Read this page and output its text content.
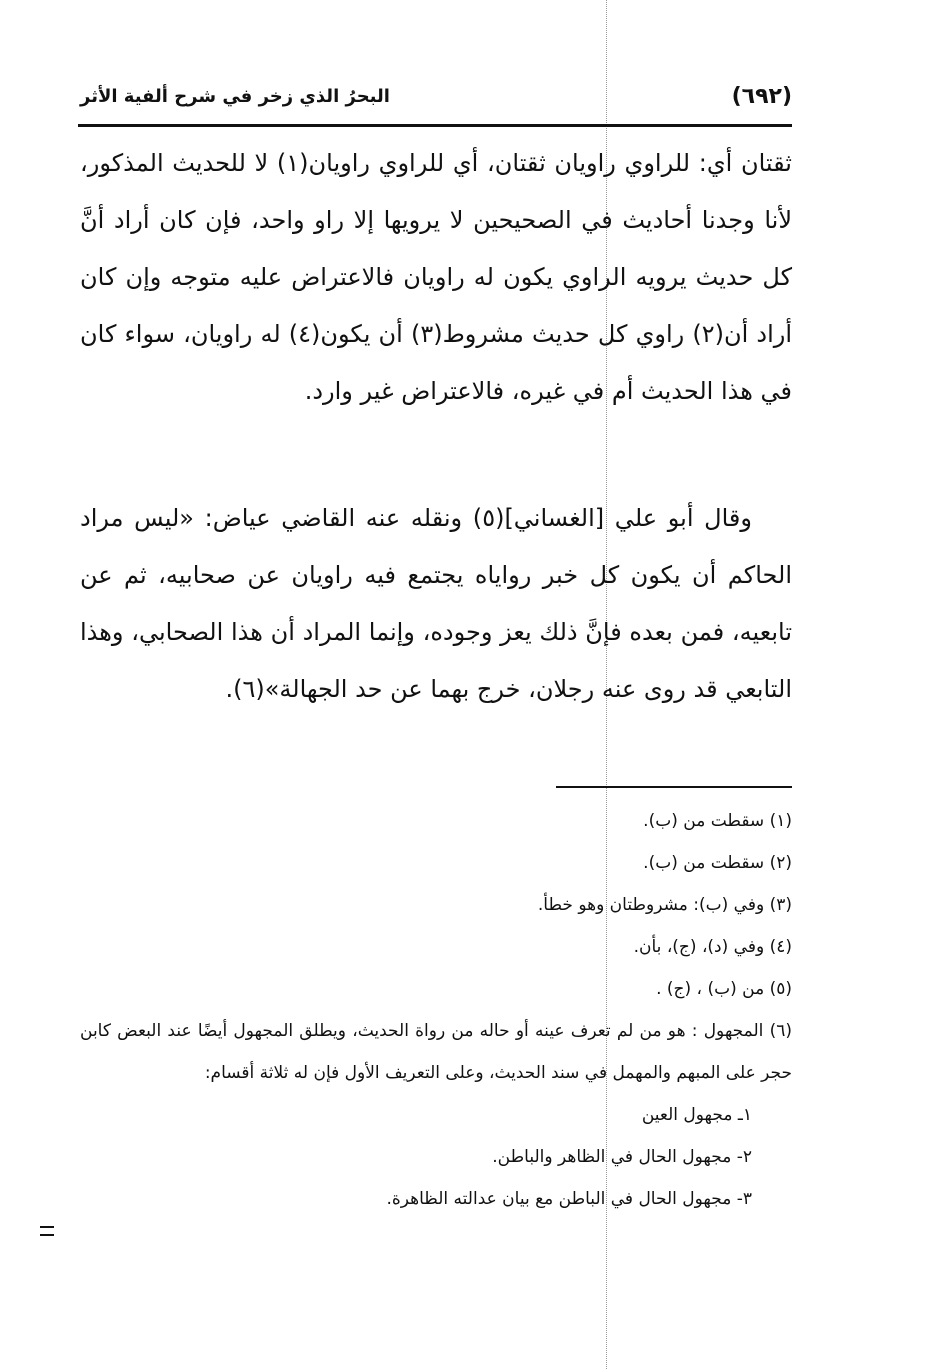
(٦٩٢)
البحرُ الذي زخر في شرح ألفية الأثر
ثقتان أي: للراوي راويان ثقتان، أي للراوي راويان(١) لا للحديث المذكور، لأنا وجدنا أحاديث في الصحيحين لا يرويها إلا راو واحد، فإن كان أراد أنَّ كل حديث يرويه الراوي يكون له راويان فالاعتراض عليه متوجه وإن كان أراد أن(٢) راوي كل حديث مشروط(٣) أن يكون(٤) له راويان، سواء كان في هذا الحديث أم في غيره، فالاعتراض غير وارد.
وقال أبو علي [الغساني](٥) ونقله عنه القاضي عياض: «ليس مراد الحاكم أن يكون كل خبر رواياه يجتمع فيه راويان عن صحابيه، ثم عن تابعيه، فمن بعده فإنَّ ذلك يعز وجوده، وإنما المراد أن هذا الصحابي، وهذا التابعي قد روى عنه رجلان، خرج بهما عن حد الجهالة»(٦).
(١) سقطت من (ب).
(٢) سقطت من (ب).
(٣) وفي (ب): مشروطتان وهو خطأ.
(٤) وفي (د)، (ج)، بأن.
(٥) من (ب) ، (ج) .
(٦) المجهول : هو من لم تعرف عينه أو حاله من رواة الحديث، ويطلق المجهول أيضًا عند البعض كابن حجر على المبهم والمهمل في سند الحديث، وعلى التعريف الأول فإن له ثلاثة أقسام:
١ـ مجهول العين
٢- مجهول الحال في الظاهر والباطن.
٣- مجهول الحال في الباطن مع بيان عدالته الظاهرة.
